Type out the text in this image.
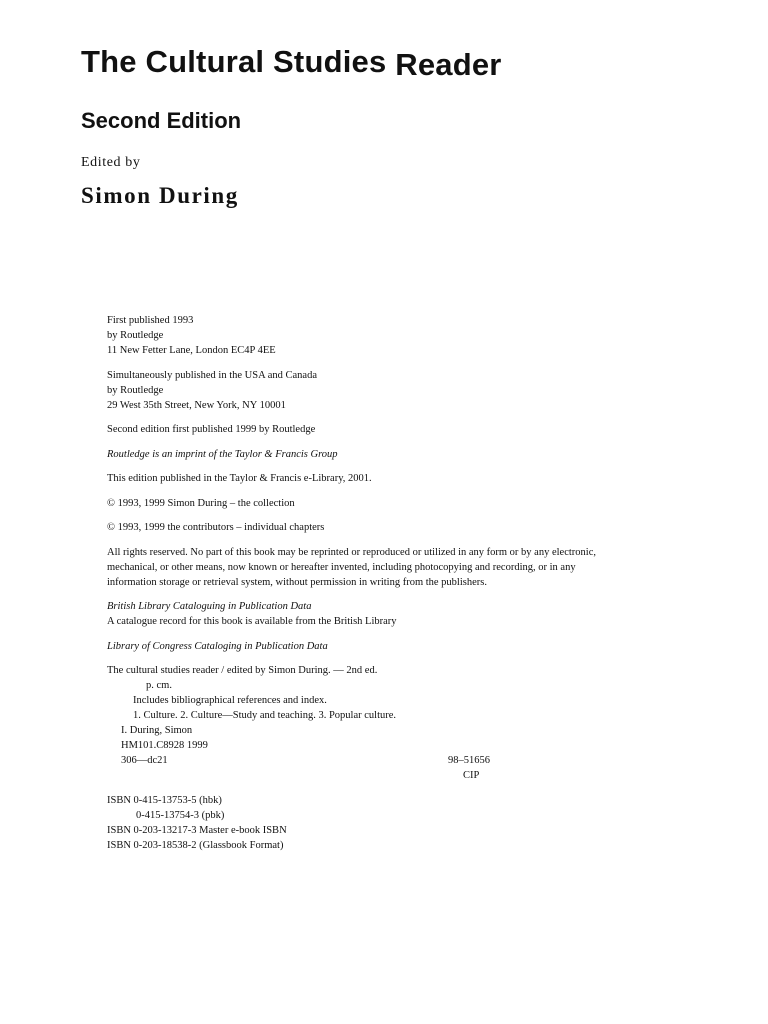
The Cultural Studies Reader
Second Edition
Edited by
Simon During

First published 1993
by Routledge
11 New Fetter Lane, London EC4P 4EE

Simultaneously published in the USA and Canada
by Routledge
29 West 35th Street, New York, NY 10001

Second edition first published 1999 by Routledge

Routledge is an imprint of the Taylor & Francis Group

This edition published in the Taylor & Francis e-Library, 2001.

© 1993, 1999 Simon During – the collection

© 1993, 1999 the contributors – individual chapters

All rights reserved. No part of this book may be reprinted or reproduced or utilized in any form or by any electronic,
mechanical, or other means, now known or hereafter invented, including photocopying and recording, or in any
information storage or retrieval system, without permission in writing from the publishers.

British Library Cataloguing in Publication Data
A catalogue record for this book is available from the British Library

Library of Congress Cataloging in Publication Data

The cultural studies reader / edited by Simon During. — 2nd ed.
p. cm.
Includes bibliographical references and index.
1. Culture. 2. Culture—Study and teaching. 3. Popular culture.
I. During, Simon
HM101.C8928 1999
306—dc21	98–51656

CIP

ISBN 0-415-13753-5 (hbk)
0-415-13754-3 (pbk)
ISBN 0-203-13217-3 Master e-book ISBN
ISBN 0-203-18538-2 (Glassbook Format)
